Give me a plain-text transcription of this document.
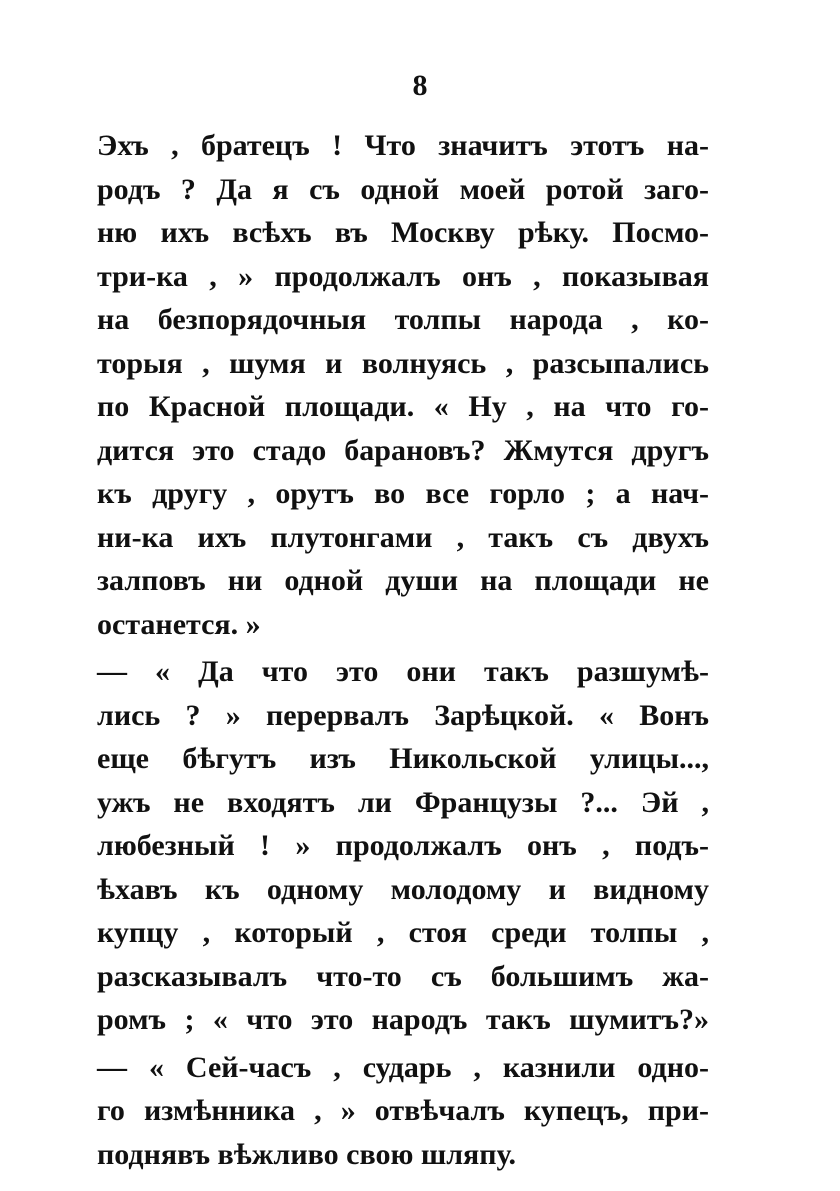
8
Эхъ , братецъ ! Что значитъ этотъ на-
родъ ? Да я съ одной моей ротой заго-
ню ихъ всѣхъ въ Москву рѣку. Посмо-
три-ка , » продолжалъ онъ , показывая
на безпорядочныя толпы народа , ко-
торыя , шумя и волнуясь , разсыпались
по Красной площади. « Ну , на что го-
дится это стадо барановъ? Жмутся другъ
къ другу , орутъ во все горло ; а нач-
ни-ка ихъ плутонгами , такъ съ двухъ
залповъ ни одной души на площади не
останется. »
— « Да что это они такъ разшумѣ-
лись ? » перервалъ Зарѣцкой. « Вонъ
еще бѣгутъ изъ Никольской улицы...,
ужъ не входятъ ли Французы ?... Эй ,
любезный ! » продолжалъ онъ , подъ-
ѣхавъ къ одному молодому и видному
купцу , который , стоя среди толпы ,
разсказывалъ что-то съ большимъ жа-
ромъ ; « что это народъ такъ шумитъ?»
— « Сей-часъ , сударь , казнили одно-
го измѣнника , » отвѣчалъ купецъ, при-
поднявъ вѣжливо свою шляпу.
